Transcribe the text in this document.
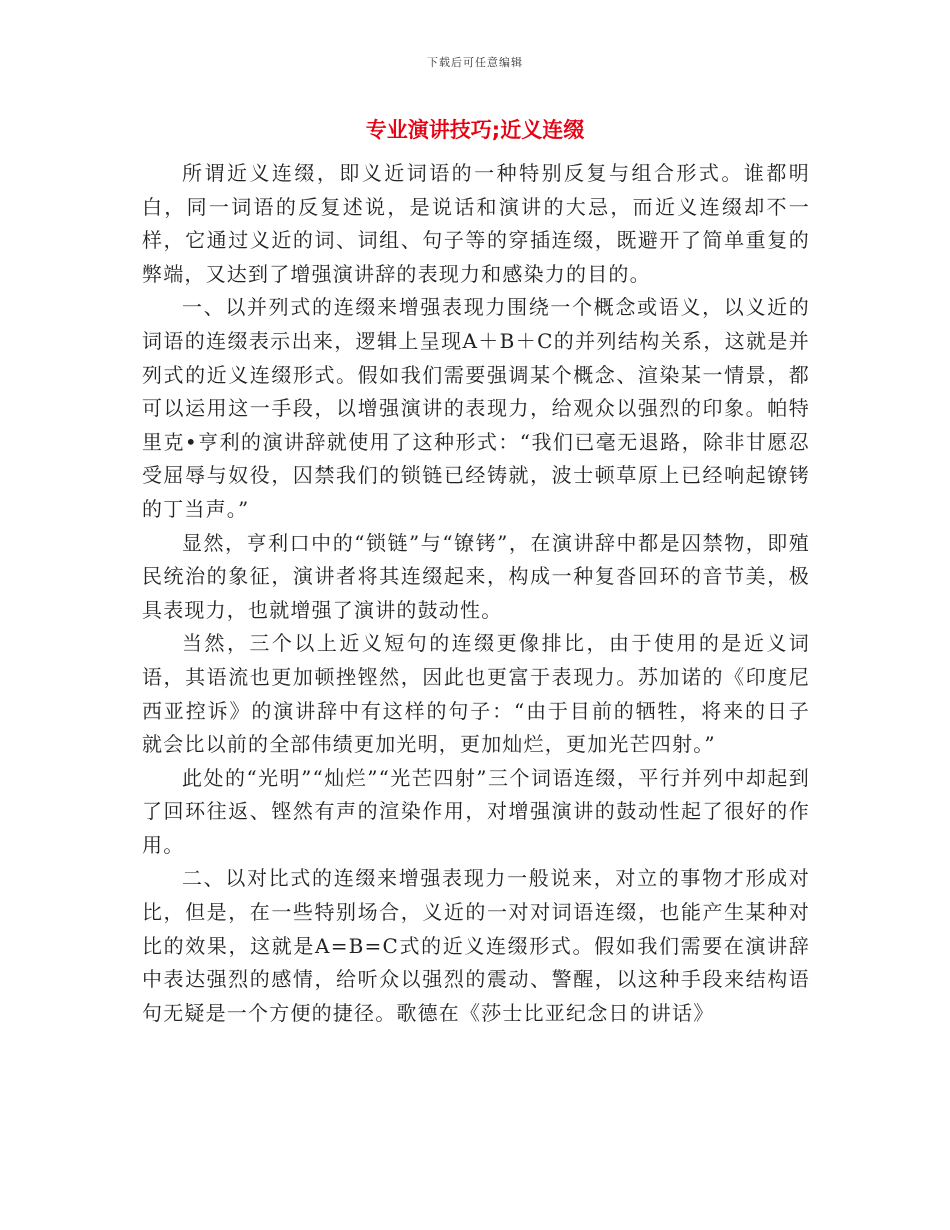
下载后可任意编辑
专业演讲技巧;近义连缀

所谓近义连缀，即义近词语的一种特别反复与组合形式。谁都明白，同一词语的反复述说，是说话和演讲的大忌，而近义连缀却不一样，它通过义近的词、词组、句子等的穿插连缀，既避开了简单重复的弊端，又达到了增强演讲辞的表现力和感染力的目的。

一、以并列式的连缀来增强表现力围绕一个概念或语义，以义近的词语的连缀表示出来，逻辑上呈现A＋B＋C的并列结构关系，这就是并列式的近义连缀形式。假如我们需要强调某个概念、渲染某一情景，都可以运用这一手段，以增强演讲的表现力，给观众以强烈的印象。帕特里克•亨利的演讲辞就使用了这种形式：“我们已毫无退路，除非甘愿忍受屈辱与奴役，囚禁我们的锁链已经铸就，波士顿草原上已经响起镣铐的丁当声。”

显然，亨利口中的“锁链”与“镣铐”，在演讲辞中都是囚禁物，即殖民统治的象征，演讲者将其连缀起来，构成一种复沓回环的音节美，极具表现力，也就增强了演讲的鼓动性。

当然，三个以上近义短句的连缀更像排比，由于使用的是近义词语，其语流也更加顿挫铿然，因此也更富于表现力。苏加诺的《印度尼西亚控诉》的演讲辞中有这样的句子：“由于目前的牺牲，将来的日子就会比以前的全部伟绩更加光明，更加灿烂，更加光芒四射。”

此处的“光明”“灿烂”“光芒四射”三个词语连缀，平行并列中却起到了回环往返、铿然有声的渲染作用，对增强演讲的鼓动性起了很好的作用。

二、以对比式的连缀来增强表现力一般说来，对立的事物才形成对比，但是，在一些特别场合，义近的一对对词语连缀，也能产生某种对比的效果，这就是A=B=C式的近义连缀形式。假如我们需要在演讲辞中表达强烈的感情，给听众以强烈的震动、警醒，以这种手段来结构语句无疑是一个方便的捷径。歌德在《莎士比亚纪念日的讲话》
